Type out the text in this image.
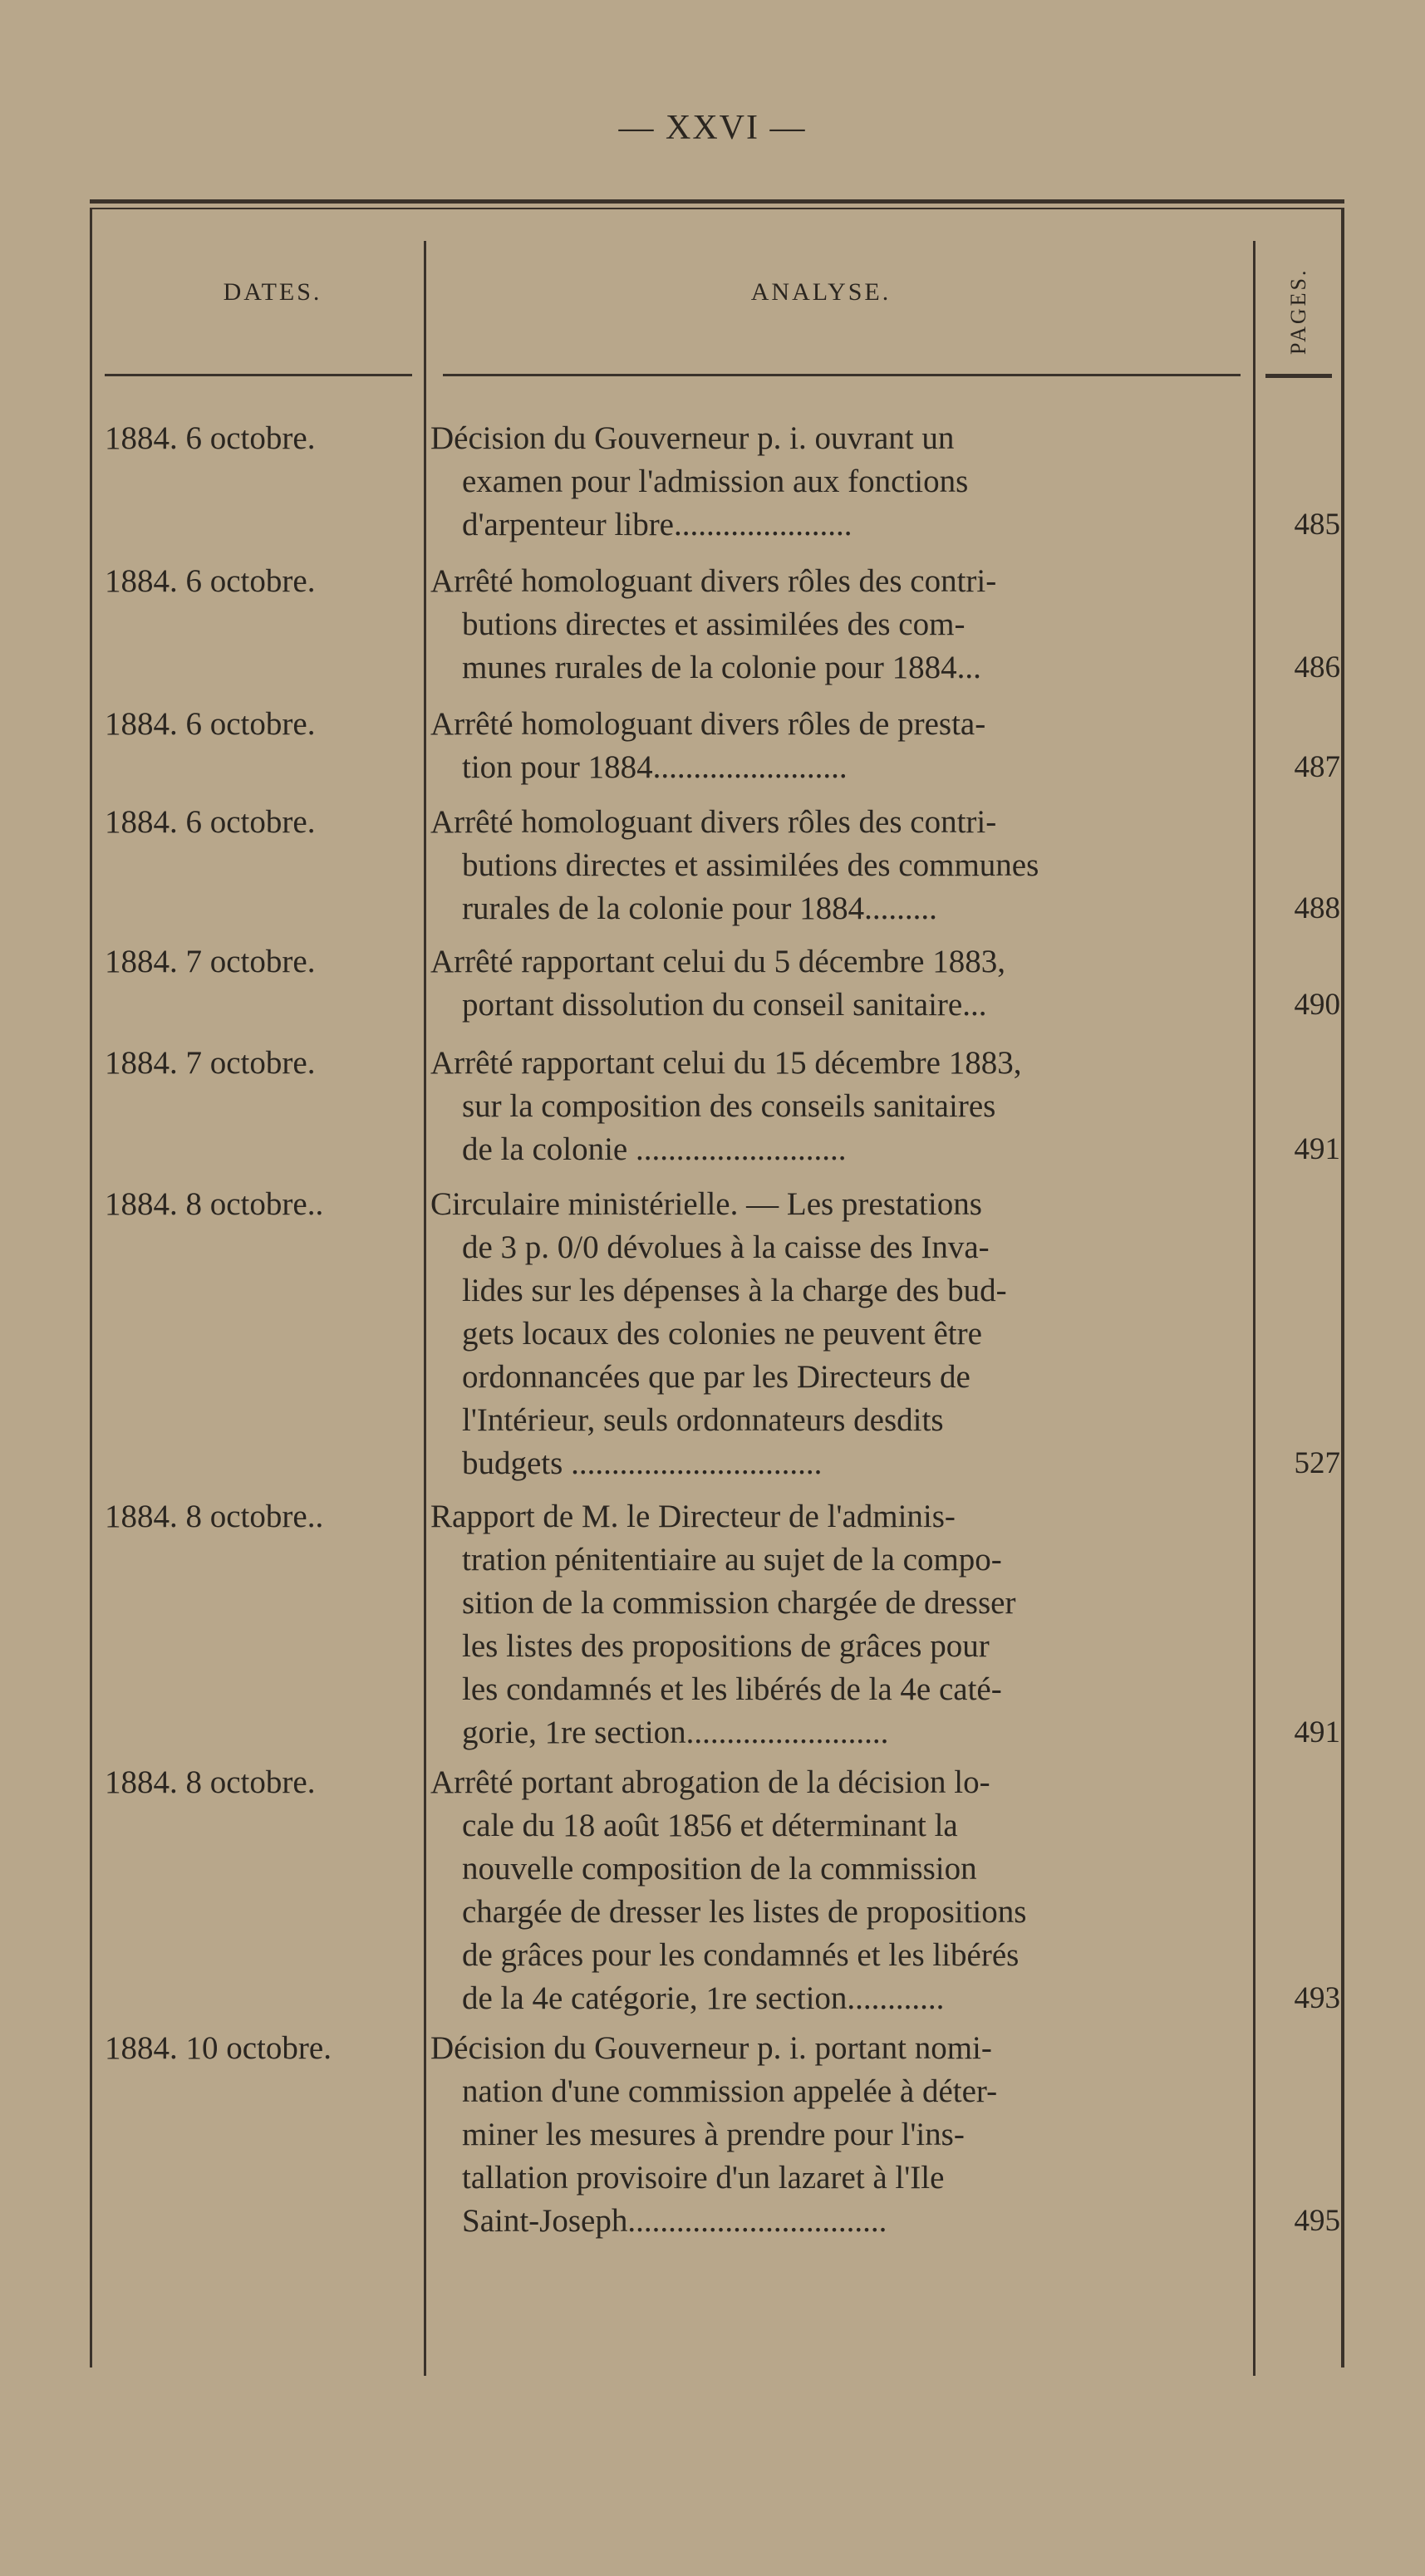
— XXVI —
DATES.	ANALYSE.	PAGES.
1884. 6 octobre.	Décision du Gouverneur p. i. ouvrant un
examen pour l'admission aux fonctions
d'arpenteur libre......................	485
1884. 6 octobre.	Arrêté homologuant divers rôles des contri-
butions directes et assimilées des com-
munes rurales de la colonie pour 1884...	486
1884. 6 octobre.	Arrêté homologuant divers rôles de presta-
tion pour 1884........................	487
1884. 6 octobre.	Arrêté homologuant divers rôles des contri-
butions directes et assimilées des communes
rurales de la colonie pour 1884.........	488
1884. 7 octobre.	Arrêté rapportant celui du 5 décembre 1883,
portant dissolution du conseil sanitaire...	490
1884. 7 octobre.	Arrêté rapportant celui du 15 décembre 1883,
sur la composition des conseils sanitaires
de la colonie ..........................	491
1884. 8 octobre..	Circulaire ministérielle. — Les prestations
de 3 p. 0/0 dévolues à la caisse des Inva-
lides sur les dépenses à la charge des bud-
gets locaux des colonies ne peuvent être
ordonnancées que par les Directeurs de
l'Intérieur, seuls ordonnateurs desdits
budgets ...............................	527
1884. 8 octobre..	Rapport de M. le Directeur de l'adminis-
tration pénitentiaire au sujet de la compo-
sition de la commission chargée de dresser
les listes des propositions de grâces pour
les condamnés et les libérés de la 4e caté-
gorie, 1re section.........................	491
1884. 8 octobre.	Arrêté portant abrogation de la décision lo-
cale du 18 août 1856 et déterminant la
nouvelle composition de la commission
chargée de dresser les listes de propositions
de grâces pour les condamnés et les libérés
de la 4e catégorie, 1re section............	493
1884. 10 octobre.	Décision du Gouverneur p. i. portant nomi-
nation d'une commission appelée à déter-
miner les mesures à prendre pour l'ins-
tallation provisoire d'un lazaret à l'Ile
Saint-Joseph................................	495
